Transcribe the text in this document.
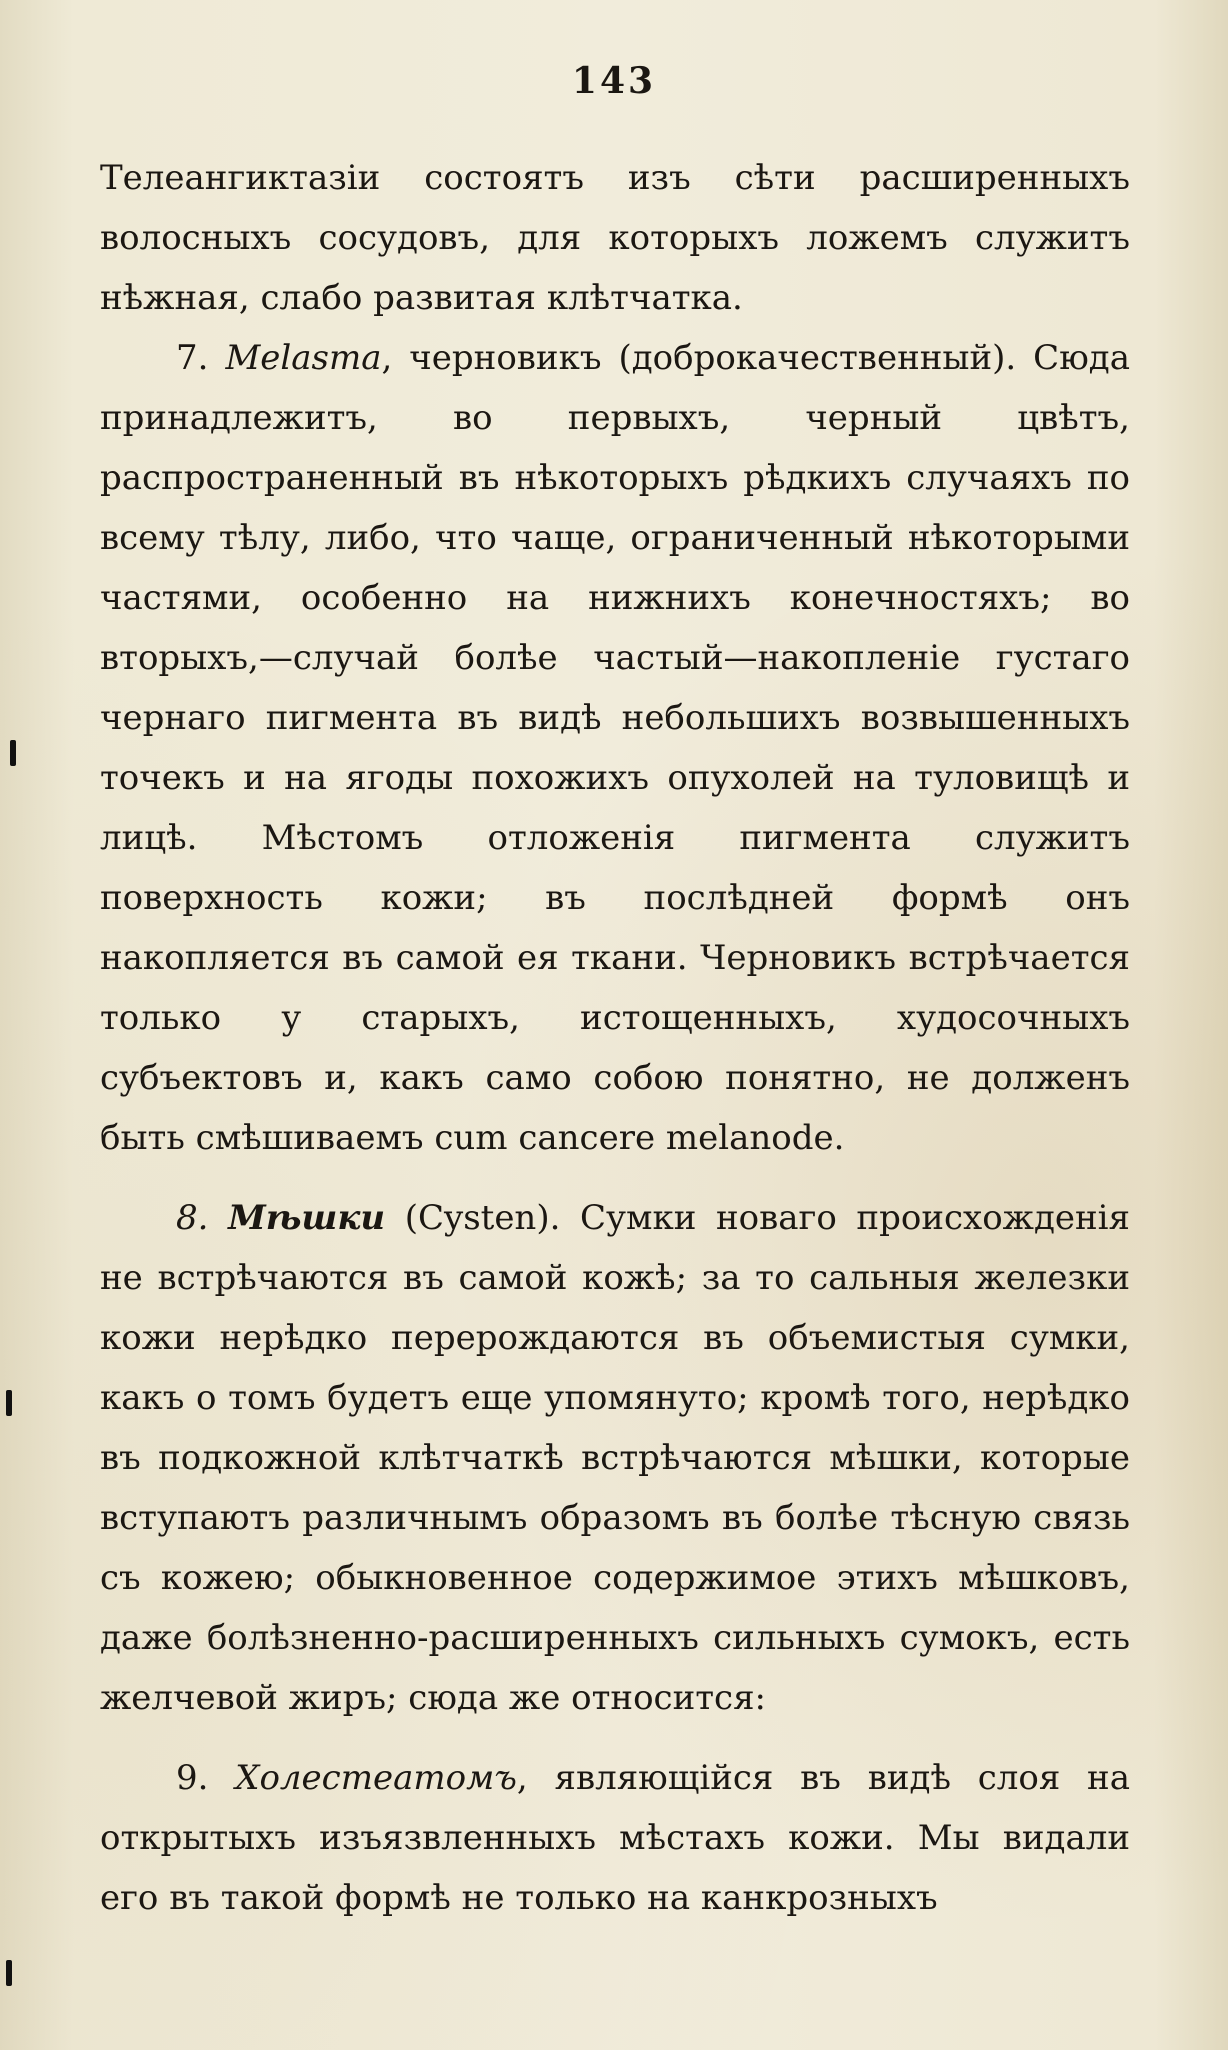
143

Телеангиктазіи состоятъ изъ сѣти расширенныхъ волосныхъ сосудовъ, для которыхъ ложемъ служитъ нѣжная, слабо развитая клѣтчатка.

7. Melasma, черновикъ (доброкачественный). Сюда принадлежитъ, во первыхъ, черный цвѣтъ, распространенный въ нѣкоторыхъ рѣдкихъ случаяхъ по всему тѣлу, либо, что чаще, ограниченный нѣкоторыми частями, особенно на нижнихъ конечностяхъ; во вторыхъ,—случай болѣе частый—накопленіе густаго чернаго пигмента въ видѣ небольшихъ возвышенныхъ точекъ и на ягоды похожихъ опухолей на туловищѣ и лицѣ. Мѣстомъ отложенія пигмента служитъ поверхность кожи; въ послѣдней формѣ онъ накопляется въ самой ея ткани. Черновикъ встрѣчается только у старыхъ, истощенныхъ, худосочныхъ субъектовъ и, какъ само собою понятно, не долженъ быть смѣшиваемъ cum cancere melanode.

8. Мѣшки (Cysten). Сумки новаго происхожденія не встрѣчаются въ самой кожѣ; за то сальныя железки кожи нерѣдко перерождаются въ объемистыя сумки, какъ о томъ будетъ еще упомянуто; кромѣ того, нерѣдко въ подкожной клѣтчаткѣ встрѣчаются мѣшки, которые вступаютъ различнымъ образомъ въ болѣе тѣсную связь съ кожею; обыкновенное содержимое этихъ мѣшковъ, даже болѣзненно-расширенныхъ сильныхъ сумокъ, есть желчевой жиръ; сюда же относится:

9. Холестеатомъ, являющійся въ видѣ слоя на открытыхъ изъязвленныхъ мѣстахъ кожи. Мы видали его въ такой формѣ не только на канкрозныхъ
